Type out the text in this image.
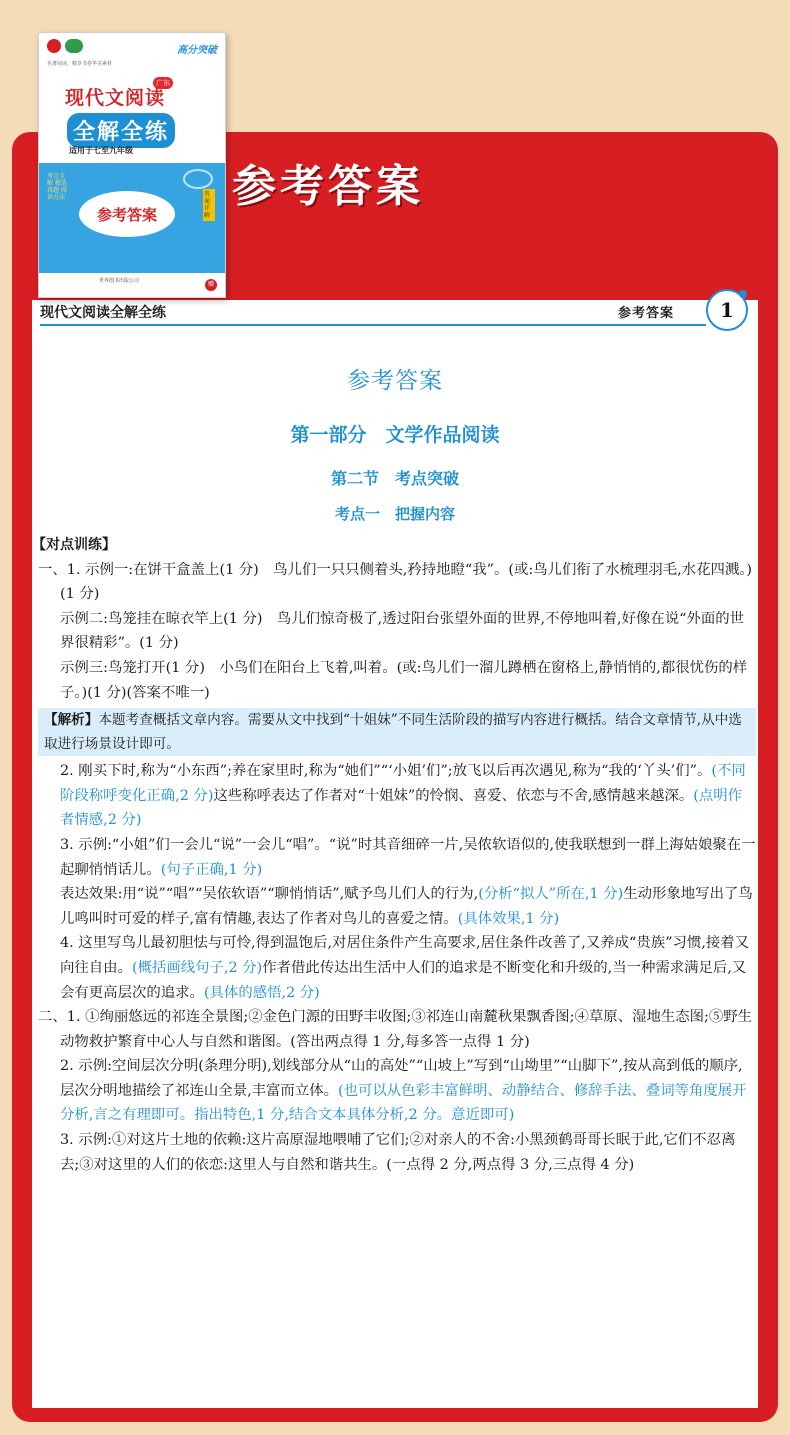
参考答案
名著阅读，精享书卷华美素材
高分突破
广东
现代文阅读
全解全练
适用于七至九年级
考点全解 精选真题 阅读方法
参考答案
答案详解
世界图书出版公司	赠
现代文阅读全解全练	参考答案	1
参考答案
第一部分　文学作品阅读
第二节　考点突破
考点一　把握内容

【对点训练】

一、1. 示例一:在饼干盒盖上(1 分)　鸟儿们一只只侧着头,矜持地瞪“我”。(或:鸟儿们衔了水梳理羽毛,水花四溅。)(1 分)

示例二:鸟笼挂在晾衣竿上(1 分)　鸟儿们惊奇极了,透过阳台张望外面的世界,不停地叫着,好像在说“外面的世界很精彩”。(1 分)

示例三:鸟笼打开(1 分)　小鸟们在阳台上飞着,叫着。(或:鸟儿们一溜儿蹲栖在窗格上,静悄悄的,都很忧伤的样子。)(1 分)(答案不唯一)

【解析】本题考查概括文章内容。需要从文中找到“十姐妹”不同生活阶段的描写内容进行概括。结合文章情节,从中选取进行场景设计即可。

2. 刚买下时,称为“小东西”;养在家里时,称为“她们”“‘小姐’们”;放飞以后再次遇见,称为“我的‘丫头’们”。(不同阶段称呼变化正确,2 分)这些称呼表达了作者对“十姐妹”的怜悯、喜爱、依恋与不舍,感情越来越深。(点明作者情感,2 分)

3. 示例:“小姐”们一会儿“说”一会儿“唱”。“说”时其音细碎一片,吴侬软语似的,使我联想到一群上海姑娘聚在一起聊悄悄话儿。(句子正确,1 分)

表达效果:用“说”“唱”“吴依软语”“聊悄悄话”,赋予鸟儿们人的行为,(分析“拟人”所在,1 分)生动形象地写出了鸟儿鸣叫时可爱的样子,富有情趣,表达了作者对鸟儿的喜爱之情。(具体效果,1 分)

4. 这里写鸟儿最初胆怯与可怜,得到温饱后,对居住条件产生高要求,居住条件改善了,又养成“贵族”习惯,接着又向往自由。(概括画线句子,2 分)作者借此传达出生活中人们的追求是不断变化和升级的,当一种需求满足后,又会有更高层次的追求。(具体的感悟,2 分)

二、1. ①绚丽悠远的祁连全景图;②金色门源的田野丰收图;③祁连山南麓秋果飘香图;④草原、湿地生态图;⑤野生动物救护繁育中心人与自然和谐图。(答出两点得 1 分,每多答一点得 1 分)

2. 示例:空间层次分明(条理分明),划线部分从“山的高处”“山坡上”写到“山坳里”“山脚下”,按从高到低的顺序,层次分明地描绘了祁连山全景,丰富而立体。(也可以从色彩丰富鲜明、动静结合、修辞手法、叠词等角度展开分析,言之有理即可。指出特色,1 分,结合文本具体分析,2 分。意近即可)

3. 示例:①对这片土地的依赖:这片高原湿地喂哺了它们;②对亲人的不舍:小黑颈鹤哥哥长眠于此,它们不忍离去;③对这里的人们的依恋:这里人与自然和谐共生。(一点得 2 分,两点得 3 分,三点得 4 分)
